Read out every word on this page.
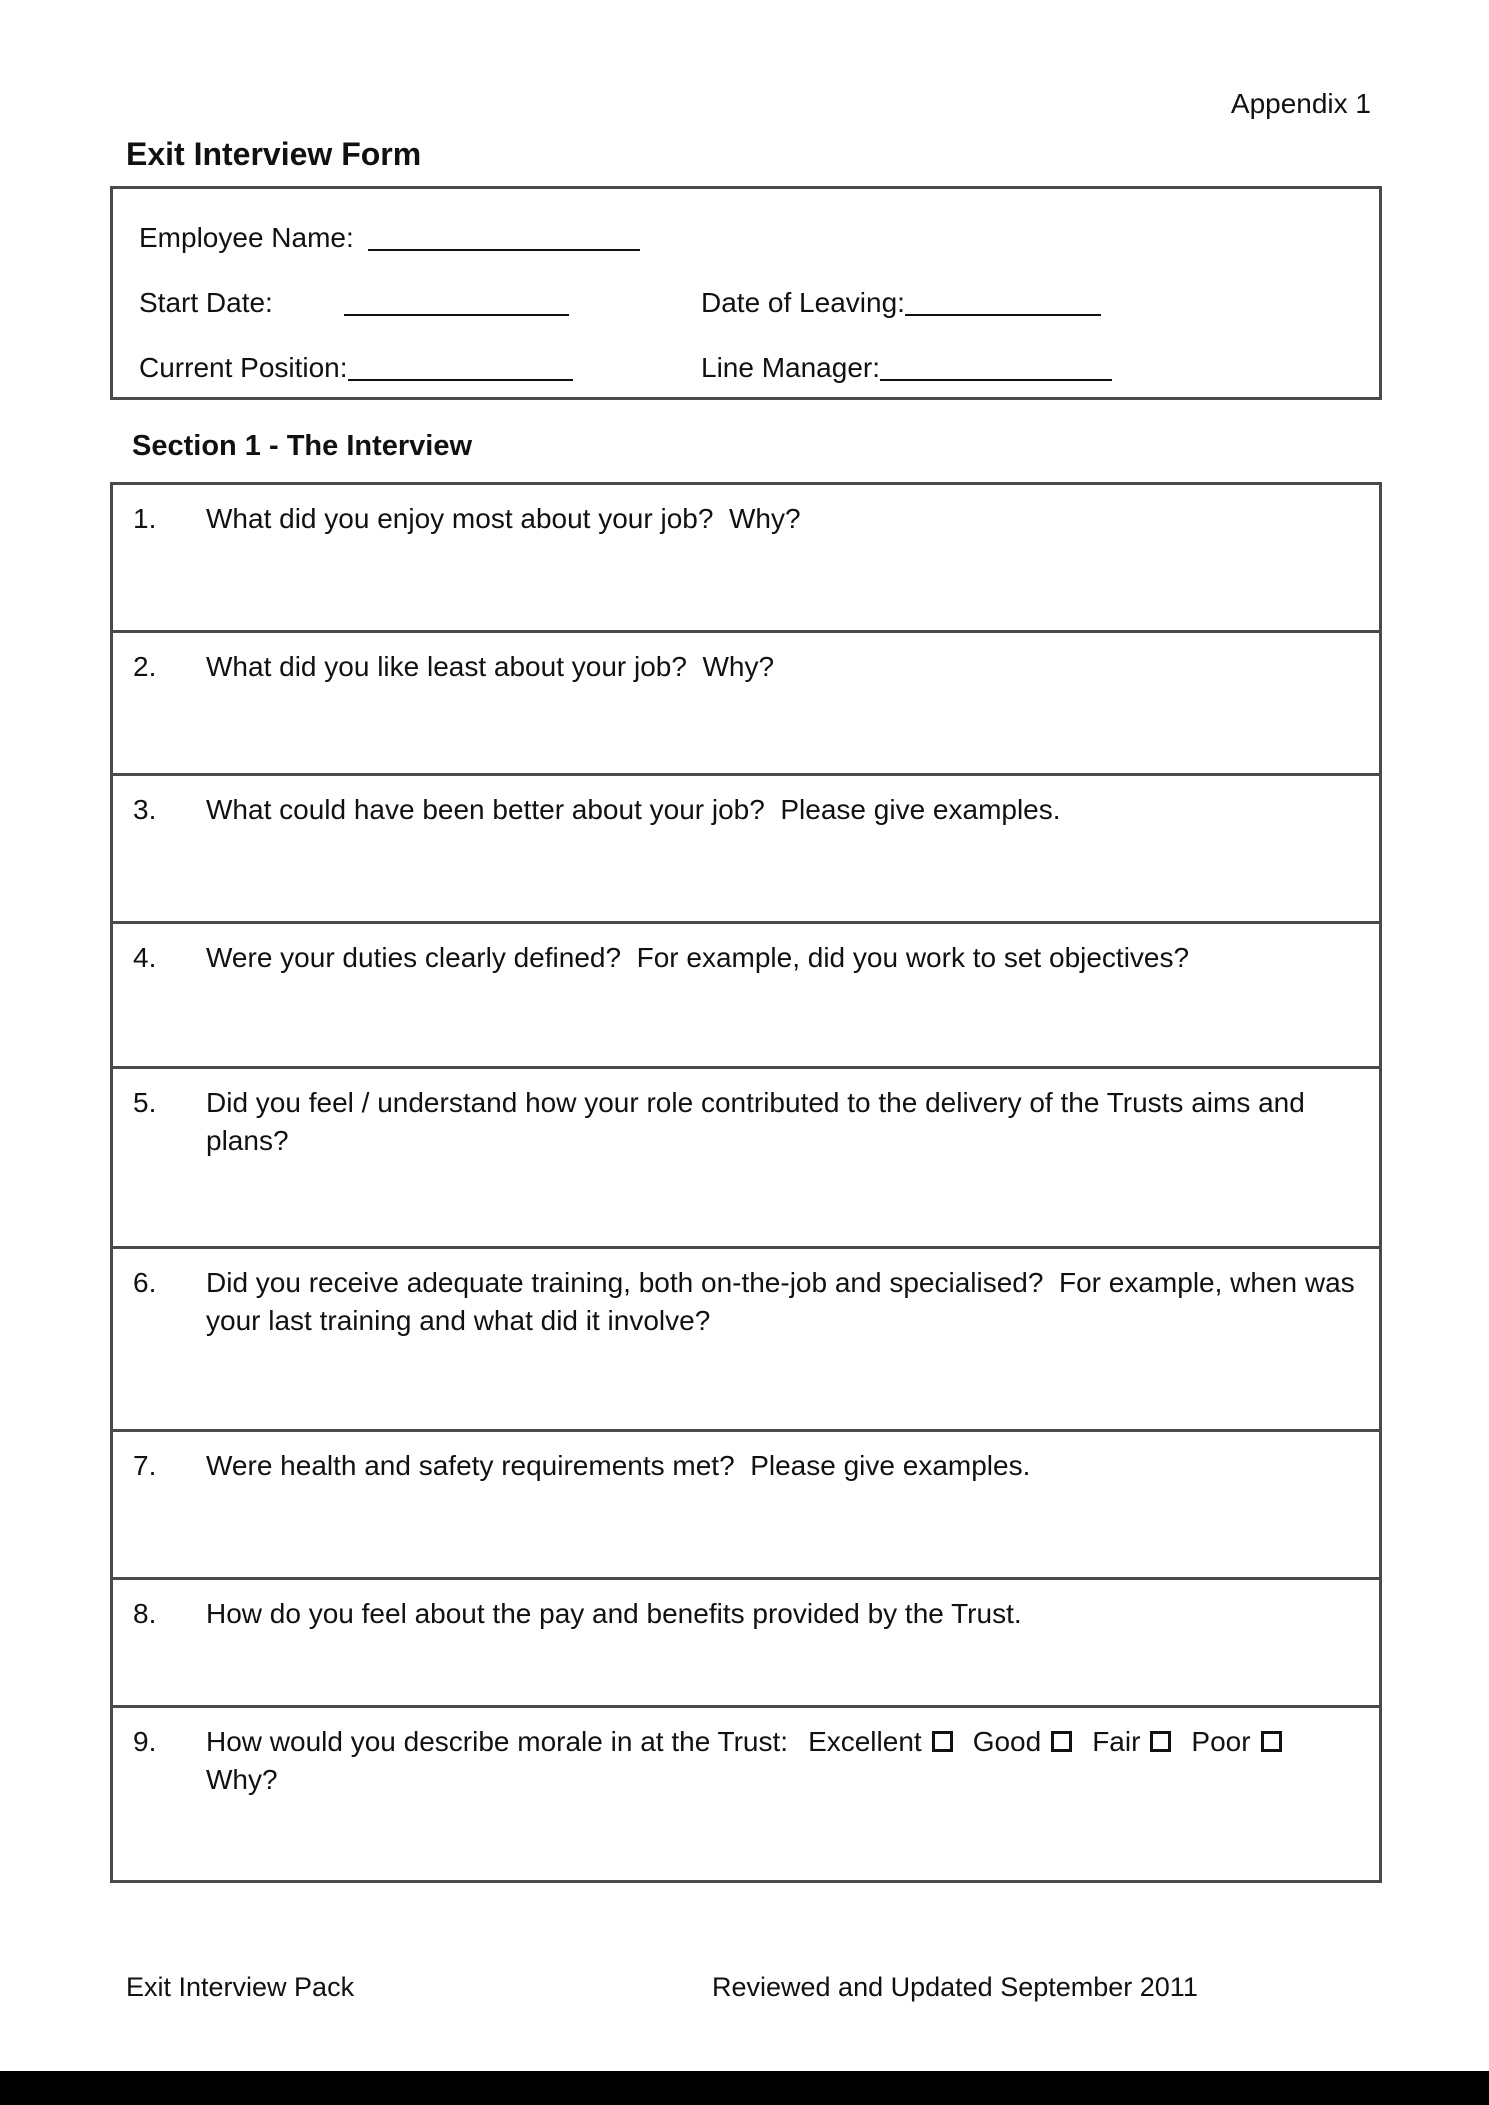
Appendix 1
Exit Interview Form
Employee Name:
Start Date:	Date of Leaving:
Current Position:	Line Manager:
Section 1 - The Interview
1.	What did you enjoy most about your job?  Why?
2.	What did you like least about your job?  Why?
3.	What could have been better about your job?  Please give examples.
4.	Were your duties clearly defined?  For example, did you work to set objectives?
5.	Did you feel / understand how your role contributed to the delivery of the Trusts aims and plans?
6.	Did you receive adequate training, both on-the-job and specialised?  For example, when was your last training and what did it involve?
7.	Were health and safety requirements met?  Please give examples.
8.	How do you feel about the pay and benefits provided by the Trust.
9.	How would you describe morale in at the Trust: Excellent Good Fair Poor
Why?
Exit Interview Pack	Reviewed and Updated September 2011
